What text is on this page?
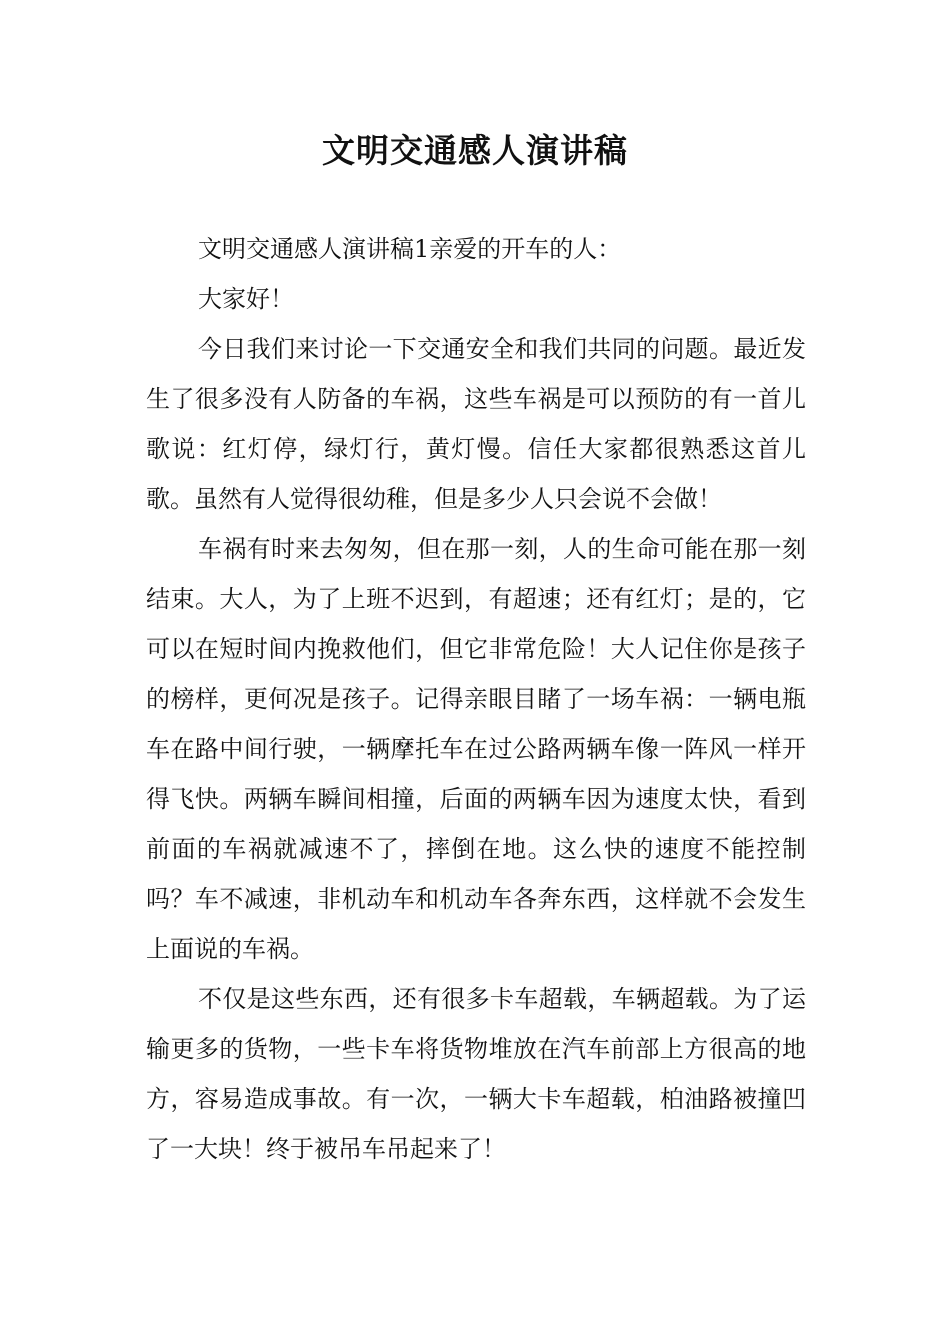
文明交通感人演讲稿

文明交通感人演讲稿1亲爱的开车的人：

大家好！

今日我们来讨论一下交通安全和我们共同的问题。最近发生了很多没有人防备的车祸，这些车祸是可以预防的有一首儿歌说：红灯停，绿灯行，黄灯慢。信任大家都很熟悉这首儿歌。虽然有人觉得很幼稚，但是多少人只会说不会做！

车祸有时来去匆匆，但在那一刻，人的生命可能在那一刻结束。大人，为了上班不迟到，有超速；还有红灯；是的，它可以在短时间内挽救他们，但它非常危险！大人记住你是孩子的榜样，更何况是孩子。记得亲眼目睹了一场车祸：一辆电瓶车在路中间行驶，一辆摩托车在过公路两辆车像一阵风一样开得飞快。两辆车瞬间相撞，后面的两辆车因为速度太快，看到前面的车祸就减速不了，摔倒在地。这么快的速度不能控制吗？车不减速，非机动车和机动车各奔东西，这样就不会发生上面说的车祸。

不仅是这些东西，还有很多卡车超载，车辆超载。为了运输更多的货物，一些卡车将货物堆放在汽车前部上方很高的地方，容易造成事故。有一次，一辆大卡车超载，柏油路被撞凹了一大块！终于被吊车吊起来了！
